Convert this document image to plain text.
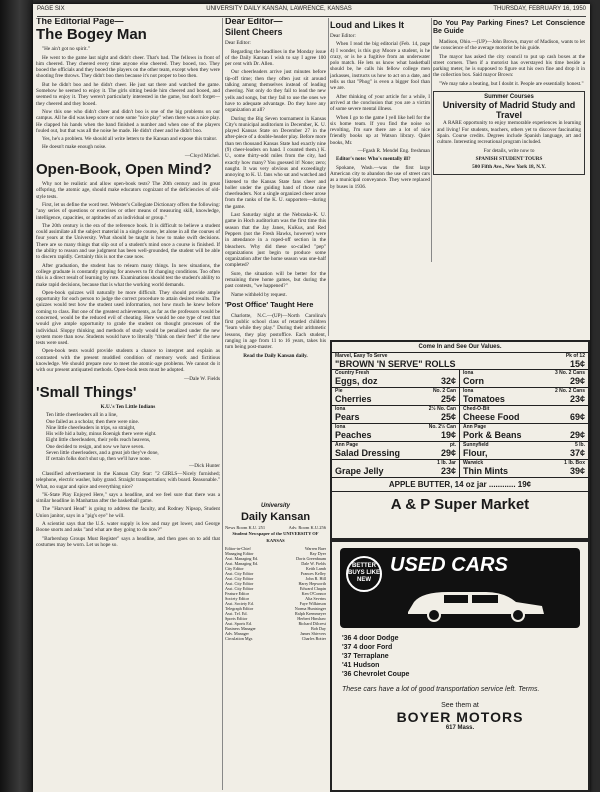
PAGE SIX	UNIVERSITY DAILY KANSAN, LAWRENCE, KANSAS	THURSDAY, FEBRUARY 16, 1950
The Editorial Page—
The Bogey Man

"He ain't got no spirit."

He went to the game last night and didn't cheer. That's bad. The fellows in front of him cheered. They cheered every time anyone else cheered. They booed, too. They booed the officials and they booed the players on the other team, except when they were shooting free throws. They didn't boo then because it's not proper to boo then.

But he didn't boo and he didn't cheer. He just sat there and watched the game. Somehow he seemed to enjoy it. The girls sitting beside him cheered and booed, and seemed to enjoy it. They weren't particularly interested in the game, but don't forget—they cheered and they booed.

Now this one who didn't cheer and didn't boo is one of the big problems on our campus. All he did was keep score or note some "nice play" when there was a nice play. He clapped his hands when the band finished a number and when one of the players fouled out, but that was all the noise he made. He didn't cheer and he didn't boo.

Yes, he's a problem. We should all write letters to the Kansan and expose this traitor.

He doesn't make enough noise.

—Cloyd Michel.

Open-Book, Open Mind?

Why not be realistic and allow open-book tests? The 20th century and its great offspring, the atomic age, should make educators cognizant of the deficiencies of old-style tests.

First, let us define the word test. Webster's Collegiate Dictionary offers the following: "any series of questions or exercises or other means of measuring skill, knowledge, intelligence, capacities, or aptitudes of an individual or group."

The 20th century is the era of the reference book. It is difficult to believe a student could assimilate all the subject material in a single course, let alone in all the courses of four years at the University. What should be taught is how to make swift decisions. There are so many things that slip out of a student's mind once a course is finished. If the ability to reason and use judgment has been well-grounded, the student will be able to discern rapidly. Certainly this is not the case now.

After graduation, the student has to relearn many things. In new situations, the college graduate is constantly groping for answers to fit changing conditions. Too often this is a direct result of learning by rote. Examinations should test the student's ability to make rapid decisions, because that is what the working world demands.

Open-book quizzes will naturally be more difficult. They should provide ample opportunity for each person to judge the correct procedure to attain desired results. The quizzes would test how the student used information, not how much he knew before coming to class. But one of the greatest achievements, as far as the professors would be concerned, would be the reduced evil of cheating. Here would be one type of test that would give ample opportunity to grade the student on thought processes of the individual. Sloppy thinking and methods of study would be penalized under the new system more than now. Students would have to literally "think on their feet" if the new tests were used.

Open-book tests would provide students a chance to interpret and explain as contrasted with the present muddled condition of memory work and fictitious knowledge. We should prepare now to meet the atomic-age problems. We cannot do it with our present antiquated methods. Open-book tests must be adopted.

—Dale W. Fields

'Small Things'

K.U.'s Ten Little Indians

Ten little cheerleaders all in a line,
One failed as a scholar, then there were nine.
Nine little cheerleaders in trips, so straight,
His wife hid a baby, minus Roenigk there were eight.
Eight little cheerleaders, their yells reach heavens,
One decided to resign, and now we have seven.
Seven little cheerleaders, and a great job they've done,
If certain folks don't shut up, then we'll have none.

—Dick Hunter

Classified advertisement in the Kansan City Star: "2 GIRLS—Nicely furnished; telephone, electric washer, baby grand. Straight transportation; with board. Reasonable." What, no sugar and spice and everything nice?

"K-State Play Enjoyed Here," says a headline, and we feel sure that there was a similar headline in Manhattan after the basketball game.

The "Harvard Head" is going to address the faculty, and Rodney Nipsop, Student Union janitor, says in a "pig's eye" he will.

A scientist says that the U.S. water supply is low and may get lower, and George Boone snorts and asks "and what are they going to do now?"

"Barbershop Groups Must Register" says a headline, and then goes on to add that costumes may be worn. Let us hope so.

Dear Editor—
Silent Cheers

Dear Editor:

Regarding the headlines in the Monday issue of the Daily Kansan I wish to say I agree 100 per cent with Dr. Allen.

Our cheerleaders arrive just minutes before tip-off time; then they often just sit around talking among themselves instead of leading cheering. Not only do they fail to lead the new yells and songs, but they fail to use the ones we have to adequate advantage. Do they have any organization at all?

During the Big Seven tournament in Kansas City's municipal auditorium in December, K. U. played Kansas State on December 27 in the after-piece of a double-header play. Before more than ten thousand Kansas State had exactly nine (9) cheer-leaders on hand. I counted them.) K. U., some thirty-odd miles from the city, had exactly how many? You guessed it! None; zero; naught. It was very obvious and exceedingly annoying to K. U. fans who sat and watched and listened to the Kansas State fans cheer and holler under the guiding hand of those nine cheerleaders. Not a single organized cheer arose from the ranks of the K. U. supporters—during the game.

Last Saturday night at the Nebraska-K. U. game in Hoch auditorium was the first time this season that the Jay Janes, KuKus, and Red Peppers (not the Fresh Hawks, however) were in attendance in a roped-off section in the bleachers. Why did these so-called "pep" organizations just begin to produce some organization after the home season was one-half completed?

Sure, the situation will be better for the remaining three home games, but during the past contests, "we happened?"

Name withheld by request.

'Post Office' Taught Here

Charlotte, N.C.—(UP)—North Carolina's first public school class of retarded children "learn while they play." During their arithmetic lessons, they play postoffice. Each student, ranging in age from 11 to 16 years, takes his turn being post-master.

Read the Daily Kansan daily.

University
Daily Kansan
News Room K.U. 251	Adv. Room K.U.256

Student Newspaper of the UNIVERSITY OF KANSAS

Editor-in-Chief	Warren Baer
Managing Editor	Ray Dyer
Asst. Managing Ed.	Doris Greenbaum
Asst. Managing Ed.	Dale W. Fields
City Editor	Keith Lamb
Asst. City Editor	Frances Kelley
Asst. City Editor	John R. Hill
Asst. City Editor	Harry Hepworth
Asst. City Editor	Edward Chapin
Feature Editor	Ken O'Connor
Society Editor	Alta Sevrins
Asst. Society Ed.	Faye Wilkinson
Telegraph Editor	Norma Huntsinger
Asst. Tel. Ed.	Ralph Kremmeyer
Sports Editor	Herbert Hinshaw
Asst. Sports Ed.	Richard Dilcrest
Business Manager	Bob Day
Adv. Manager	James Shivvers
Circulation Mgr.	Charles Botter
Loud and Likes It

Dear Editor:

When I read the big editorial (Feb. 14, page 4) I wonder, is this guy Moore a student, is he crazy, or is he a fugitive from an underwater polo match. He lets us know what basketball should be, he calls his fellow college men jackasses, instructs us how to act on a date, and tells us that "Phog" is even a bigger fool than we are.

After thinking of your article for a while, I arrived at the conclusion that you are a victim of some severe mental illness.

When I go to the game I yell like hell for the six home team. If you find the noise so revolting, I'm sure there are a lot of nice friendly books up at Watson library. Quiet books, Mr.

—Fgash R. Mendel Eng. freshman

Editor's note: Who's mentally ill?

Spokane, Wash.—was the first large American city to abandon the use of street cars as a municipal conveyance. They were replaced by buses in 1936.

Do You Pay Parking Fines? Let Conscience Be Guide

Madison, Ohio.—(UP)—John Brown, mayor of Madison, wants to let the conscience of the average motorist be his guide.

The mayor has asked the city council to put up cash boxes at the street corners. Then if a motorist has overstayed his time beside a parking meter, he is supposed to figure out his own fine and drop it in the collection box. Said mayor Brown:

"We may take a beating, but I doubt it. People are essentially honest."

Summer Courses
University of Madrid Study and Travel

A RARE opportunity to enjoy memorable experiences in learning and living! For students, teachers, others yet to discover fascinating Spain. Course credits. Degrees include Spanish language, art and culture. Interesting recreational program included.

For details, write now to

SPANISH STUDENT TOURS

500 Fifth Ave., New York 18, N.Y.

Come In and See Our Values.
Marvel, Easy To Serve	Pk of 12
"BROWN 'N SERVE" ROLLS	15¢
Country Fresh
Eggs, doz	32¢
Iona	3 No. 2 Cans
Corn	29¢
Pie	No. 2 Can
Cherries	25¢
Iona	2 No. 2 Cans
Tomatoes	23¢
Iona	2½ No. Can
Pears	25¢
Ched-O-Bit
Cheese Food	69¢
Iona	No. 2½ Can
Peaches	19¢
Ann Page
Pork & Beans	29¢
Ann Page	pt.
Salad Dressing	29¢
Sunnyfield	5 lb.
Flour,	37¢
1 lb. Jar
Grape Jelly	23¢
Warwick	1 lb. Box
Thin Mints	39¢
APPLE BUTTER, 14 oz jar ............ 19¢
A & P Super Market
BETTER BUYS LIKE NEW
USED CARS
'36 4 door Dodge
'37 4 door Ford
'37 Terraplane
'41 Hudson
'36 Chevrolet Coupe
These cars have a lot of good transportation service left. Terms.
See them at
BOYER MOTORS
617 Mass.
